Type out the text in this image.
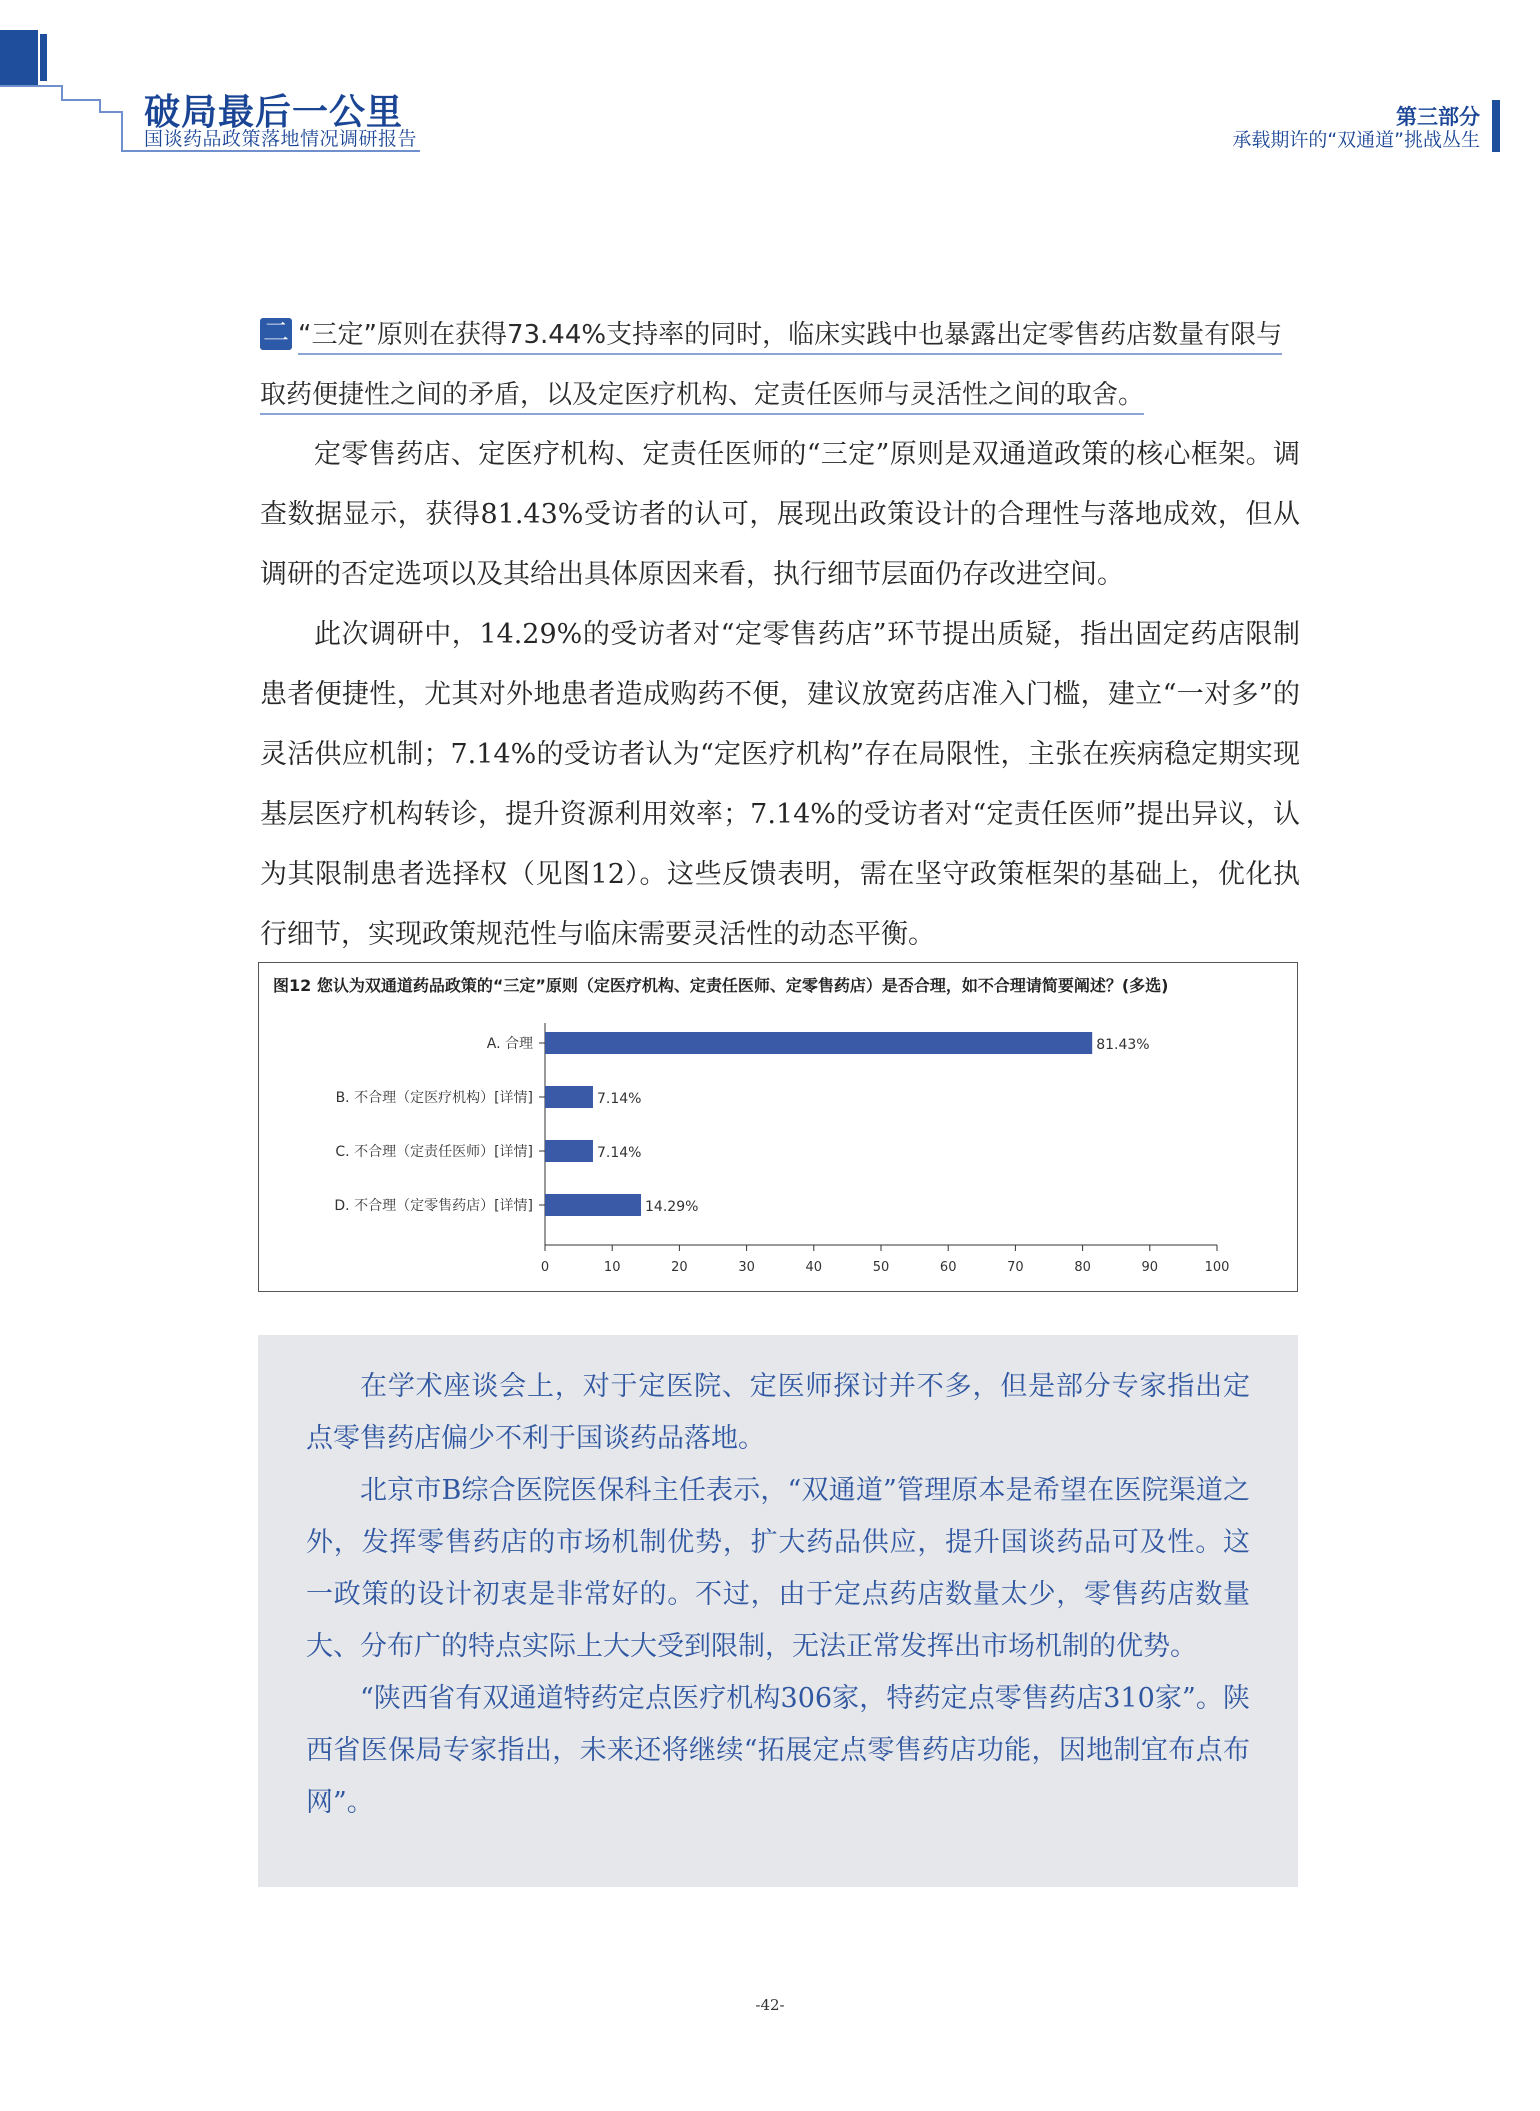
破局最后一公里
国谈药品政策落地情况调研报告
第三部分
承载期许的“双通道”挑战丛生
二 “三定”原则在获得73.44%支持率的同时，临床实践中也暴露出定零售药店数量有限与取药便捷性之间的矛盾，以及定医疗机构、定责任医师与灵活性之间的取舍。

定零售药店、定医疗机构、定责任医师的“三定”原则是双通道政策的核心框架。调查数据显示，获得81.43%受访者的认可，展现出政策设计的合理性与落地成效，但从调研的否定选项以及其给出具体原因来看，执行细节层面仍存改进空间。

此次调研中，14.29%的受访者对“定零售药店”环节提出质疑，指出固定药店限制患者便捷性，尤其对外地患者造成购药不便，建议放宽药店准入门槛，建立“一对多”的灵活供应机制；7.14%的受访者认为“定医疗机构”存在局限性，主张在疾病稳定期实现基层医疗机构转诊，提升资源利用效率；7.14%的受访者对“定责任医师”提出异议，认为其限制患者选择权（见图12）。这些反馈表明，需在坚守政策框架的基础上，优化执行细节，实现政策规范性与临床需要灵活性的动态平衡。

图12 您认为双通道药品政策的“三定”原则（定医疗机构、定责任医师、定零售药店）是否合理，如不合理请简要阐述？(多选)
0	10	20	30	40	50	60	70	80	90	100
A. 合理	81.43%
B. 不合理（定医疗机构）[详情]	7.14%
C. 不合理（定责任医师）[详情]	7.14%
D. 不合理（定零售药店）[详情]	14.29%

在学术座谈会上，对于定医院、定医师探讨并不多，但是部分专家指出定点零售药店偏少不利于国谈药品落地。

北京市B综合医院医保科主任表示，“双通道”管理原本是希望在医院渠道之外，发挥零售药店的市场机制优势，扩大药品供应，提升国谈药品可及性。这一政策的设计初衷是非常好的。不过，由于定点药店数量太少，零售药店数量大、分布广的特点实际上大大受到限制，无法正常发挥出市场机制的优势。

“陕西省有双通道特药定点医疗机构306家，特药定点零售药店310家”。陕西省医保局专家指出，未来还将继续“拓展定点零售药店功能，因地制宜布点布网”。

-42-
